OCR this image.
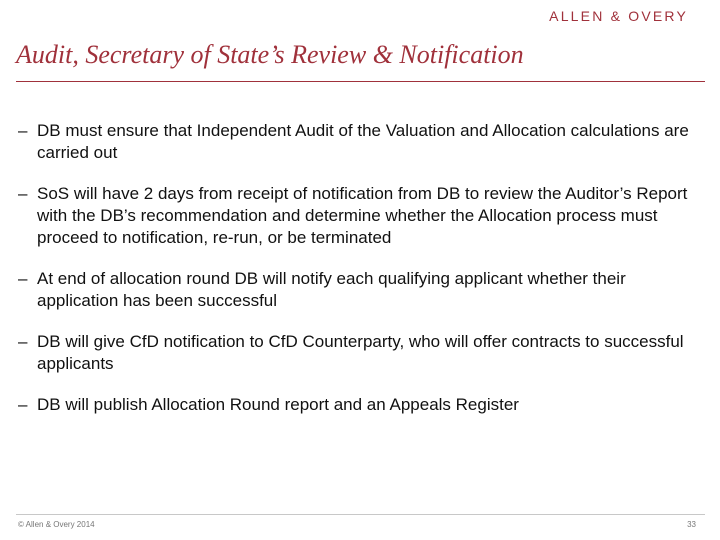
ALLEN & OVERY
Audit, Secretary of State’s Review & Notification
– DB must ensure that Independent Audit of the Valuation and Allocation calculations are carried out
– SoS will have 2 days from receipt of notification from DB to review the Auditor’s Report with the DB’s recommendation and determine whether the Allocation process must proceed to notification, re-run, or be terminated
– At end of allocation round DB will notify each qualifying applicant whether their application has been successful
– DB will give CfD notification to CfD Counterparty, who will offer contracts to successful applicants
– DB will publish Allocation Round report and an Appeals Register
© Allen & Overy 2014	33
